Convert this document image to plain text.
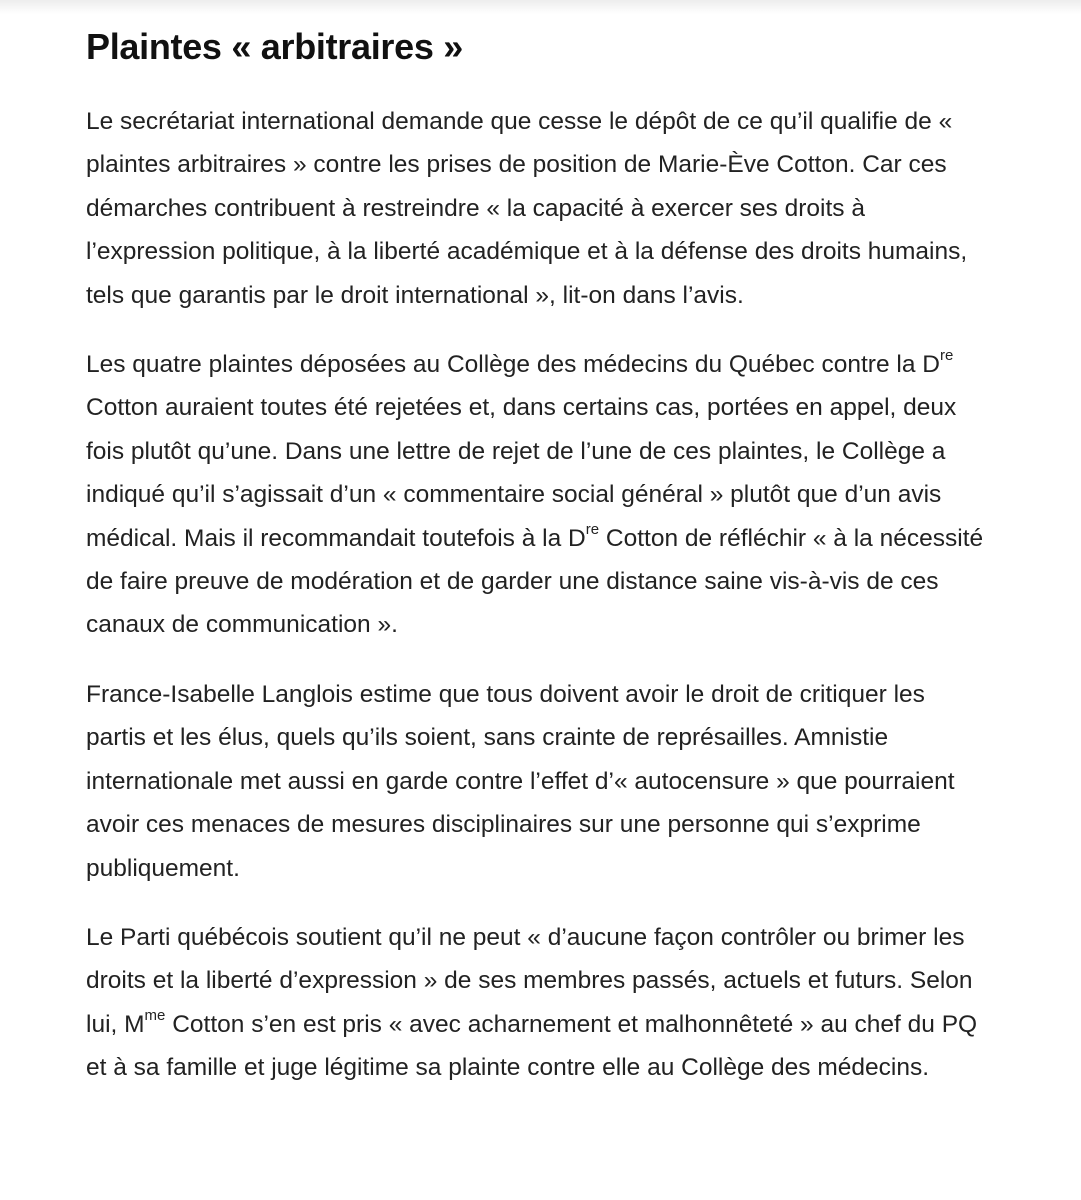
Plaintes « arbitraires »

Le secrétariat international demande que cesse le dépôt de ce qu’il qualifie de « plaintes arbitraires » contre les prises de position de Marie-Ève Cotton. Car ces démarches contribuent à restreindre « la capacité à exercer ses droits à l’expression politique, à la liberté académique et à la défense des droits humains, tels que garantis par le droit international », lit-on dans l’avis.

Les quatre plaintes déposées au Collège des médecins du Québec contre la Dre Cotton auraient toutes été rejetées et, dans certains cas, portées en appel, deux fois plutôt qu’une. Dans une lettre de rejet de l’une de ces plaintes, le Collège a indiqué qu’il s’agissait d’un « commentaire social général » plutôt que d’un avis médical. Mais il recommandait toutefois à la Dre Cotton de réfléchir « à la nécessité de faire preuve de modération et de garder une distance saine vis-à-vis de ces canaux de communication ».

France-Isabelle Langlois estime que tous doivent avoir le droit de critiquer les partis et les élus, quels qu’ils soient, sans crainte de représailles. Amnistie internationale met aussi en garde contre l’effet d’« autocensure » que pourraient avoir ces menaces de mesures disciplinaires sur une personne qui s’exprime publiquement.

Le Parti québécois soutient qu’il ne peut « d’aucune façon contrôler ou brimer les droits et la liberté d’expression » de ses membres passés, actuels et futurs. Selon lui, $M^{me}$ Cotton s’en est pris « avec acharnement et malhonnêteté » au chef du PQ et à sa famille et juge légitime sa plainte contre elle au Collège des médecins.
